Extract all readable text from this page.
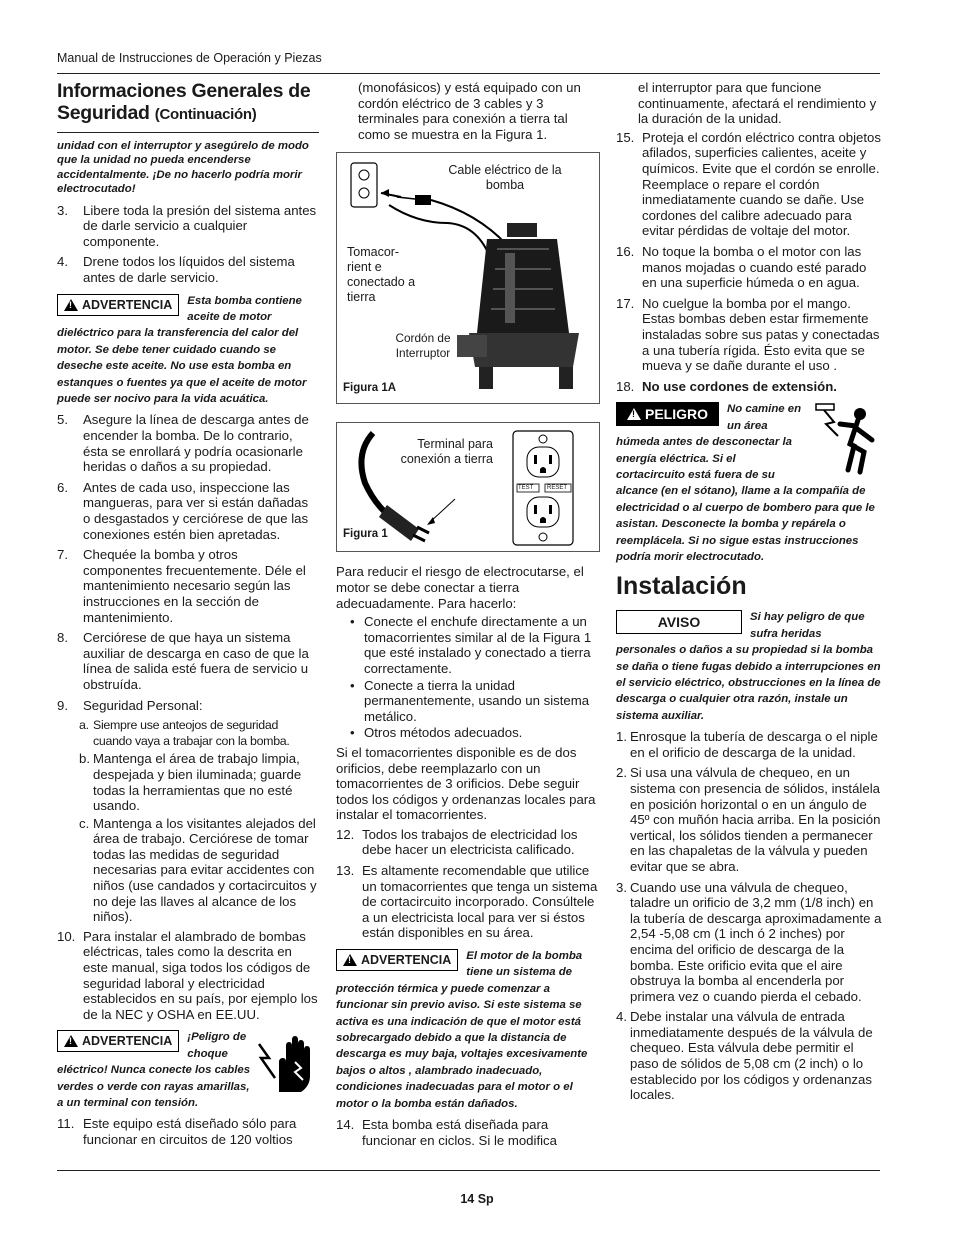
Manual de Instrucciones de Operación y Piezas
Informaciones Generales de Seguridad (Continuación)

unidad con el interruptor y asegúrelo de modo que la unidad no pueda encenderse accidentalmente. ¡De no hacerlo podría morir electrocutado!

3. Libere toda la presión del sistema antes de darle servicio a cualquier componente.
4. Drene todos los líquidos del sistema antes de darle servicio.
!
ADVERTENCIA Esta bomba contiene aceite de motor dieléctrico para la transferencia del calor del motor. Se debe tener cuidado cuando se deseche este aceite. No use esta bomba en estanques o fuentes ya que el aceite de motor puede ser nocivo para la vida acuática.
5. Asegure la línea de descarga antes de encender la bomba. De lo contrario, ésta se enrollará y podría ocasionarle heridas o daños a su propiedad.
6. Antes de cada uso, inspeccione las mangueras, para ver si están dañadas o desgastados y cerciórese de que las conexiones estén bien apretadas.
7. Chequée la bomba y otros componentes frecuentemente. Déle el mantenimiento necesario según las instrucciones en la sección de mantenimiento.
8. Cerciórese de que haya un sistema auxiliar de descarga en caso de que la línea de salida esté fuera de servicio u obstruída.
9. Seguridad Personal:
a. Siempre use anteojos de seguridad cuando vaya a trabajar con la bomba.
b. Mantenga el área de trabajo limpia, despejada y bien iluminada; guarde todas la herramientas que no esté usando.
c. Mantenga a los visitantes alejados del área de trabajo. Cerciórese de tomar todas las medidas de seguridad necesarias para evitar accidentes con niños (use candados y cortacircuitos y no deje las llaves al alcance de los niños).
10. Para instalar el alambrado de bombas eléctricas, tales como la descrita en este manual, siga todos los códigos de seguridad laboral y electricidad establecidos en su país, por ejemplo los de la NEC y OSHA en EE.UU.
!
ADVERTENCIA ¡Peligro de choque eléctrico! Nunca conecte los cables verdes o verde con rayas amarillas, a un terminal con tensión.
11. Este equipo está diseñado sólo para funcionar en circuitos de 120 voltios

(monofásicos) y está equipado con un cordón eléctrico de 3 cables y 3 terminales para conexión a tierra tal como se muestra en la Figura 1.

Cable eléctrico de la bomba
Tomacor-rient e conectado a tierra
Cordón de Interruptor
Figura 1A
Terminal para conexión a tierra
TEST RESET
Figura 1

Para reducir el riesgo de electrocutarse, el motor se debe conectar a tierra adecuadamente. Para hacerlo:

• Conecte el enchufe directamente a un tomacorrientes similar al de la Figura 1 que esté instalado y conectado a tierra correctamente.
• Conecte a tierra la unidad permanentemente, usando un sistema metálico.
• Otros métodos adecuados.

Si el tomacorrientes disponible es de dos orificios, debe reemplazarlo con un tomacorrientes de 3 orificios. Debe seguir todos los códigos y ordenanzas locales para instalar el tomacorrientes.

12. Todos los trabajos de electricidad los debe hacer un electricista calificado.
13. Es altamente recomendable que utilice un tomacorrientes que tenga un sistema de cortacircuito incorporado. Consúltele a un electricista local para ver si éstos están disponibles en su área.
!
ADVERTENCIA El motor de la bomba tiene un sistema de protección térmica y puede comenzar a funcionar sin previo aviso. Si este sistema se activa es una indicación de que el motor está sobrecargado debido a que la distancia de descarga es muy baja, voltajes excesivamente bajos o altos , alambrado inadecuado, condiciones inadecuadas para el motor o el motor o la bomba están dañados.
14. Esta bomba está diseñada para funcionar en ciclos. Si le modifica

el interruptor para que funcione continuamente, afectará el rendimiento y la duración de la unidad.

15. Proteja el cordón eléctrico contra objetos afilados, superficies calientes, aceite y químicos. Evite que el cordón se enrolle. Reemplace o repare el cordón inmediatamente cuando se dañe. Use cordones del calibre adecuado para evitar pérdidas de voltaje del motor.
16. No toque la bomba o el motor con las manos mojadas o cuando esté parado en una superficie húmeda o en agua.
17. No cuelgue la bomba por el mango. Estas bombas deben estar firmemente instaladas sobre sus patas y conectadas a una tubería rígida. Ésto evita que se mueva y se dañe durante el uso .
18. No use cordones de extensión.
!
PELIGRO No camine en un área húmeda antes de desconectar la energía eléctrica. Si el cortacircuito está fuera de su alcance (en el sótano), llame a la compañía de electricidad o al cuerpo de bombero para que le asistan. Desconecte la bomba y repárela o reemplácela. Si no sigue estas instrucciones podría morir electrocutado.
Instalación
AVISO	Si hay peligro de que sufra heridas personales o daños a su propiedad si la bomba se daña o tiene fugas debido a interrupciones en el servicio eléctrico, obstrucciones en la línea de descarga o cualquier otra razón, instale un sistema auxiliar.
1. Enrosque la tubería de descarga o el niple en el orificio de descarga de la unidad.
2. Si usa una válvula de chequeo, en un sistema con presencia de sólidos, instálela en posición horizontal o en un ángulo de 45º con muñón hacia arriba. En la posición vertical, los sólidos tienden a permanecer en las chapaletas de la válvula y pueden evitar que se abra.
3. Cuando use una válvula de chequeo, taladre un orificio de 3,2 mm (1/8 inch) en la tubería de descarga aproximadamente a 2,54 -5,08 cm (1 inch ó 2 inches) por encima del orificio de descarga de la bomba. Este orificio evita que el aire obstruya la bomba al encenderla por primera vez o cuando pierda el cebado.
4. Debe instalar una válvula de entrada inmediatamente después de la válvula de chequeo. Esta válvula debe permitir el paso de sólidos de 5,08 cm (2 inch) o lo establecido por los códigos y ordenanzas locales.
14 Sp
